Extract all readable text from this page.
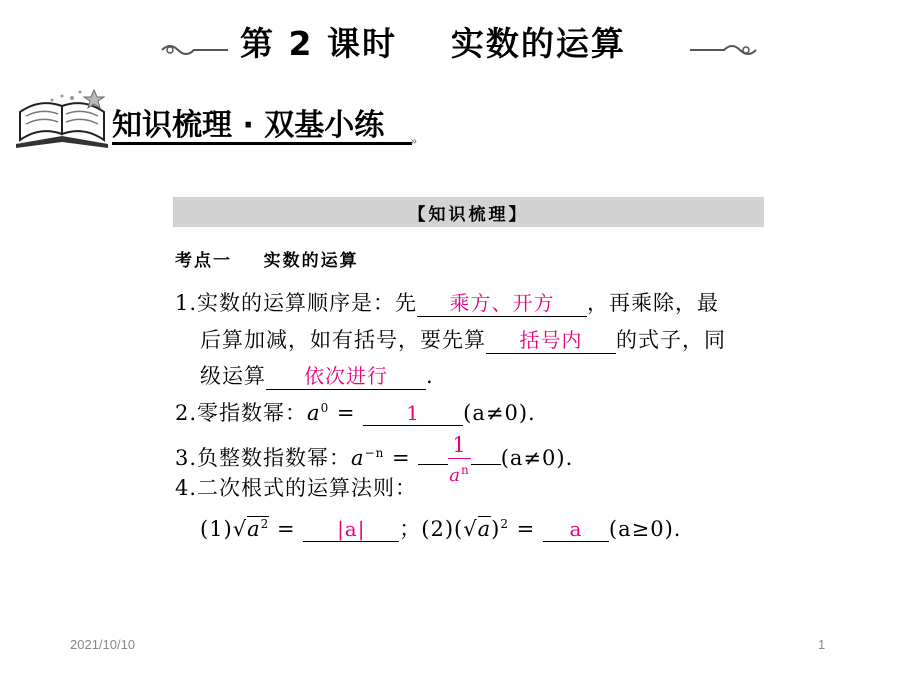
第 2 课时    实数的运算
知识梳理 · 双基小练 »
【知识梳理】
考点一    实数的运算
1.实数的运算顺序是：先 乘方、开方 ，再乘除，最
后算加减，如有括号，要先算 括号内 的式子，同
级运算 依次进行 .
2.零指数幂：$a^0 = 1$ (a≠0).
3.负整数指数幂：$a^{-n} = \frac{1}{a^n} (a\ne 0)$.
4.二次根式的运算法则：
$(1)√a^2 = |a|$ ；$(2)(√a)^2 = a$ (a≥0).
2021/10/10	1
